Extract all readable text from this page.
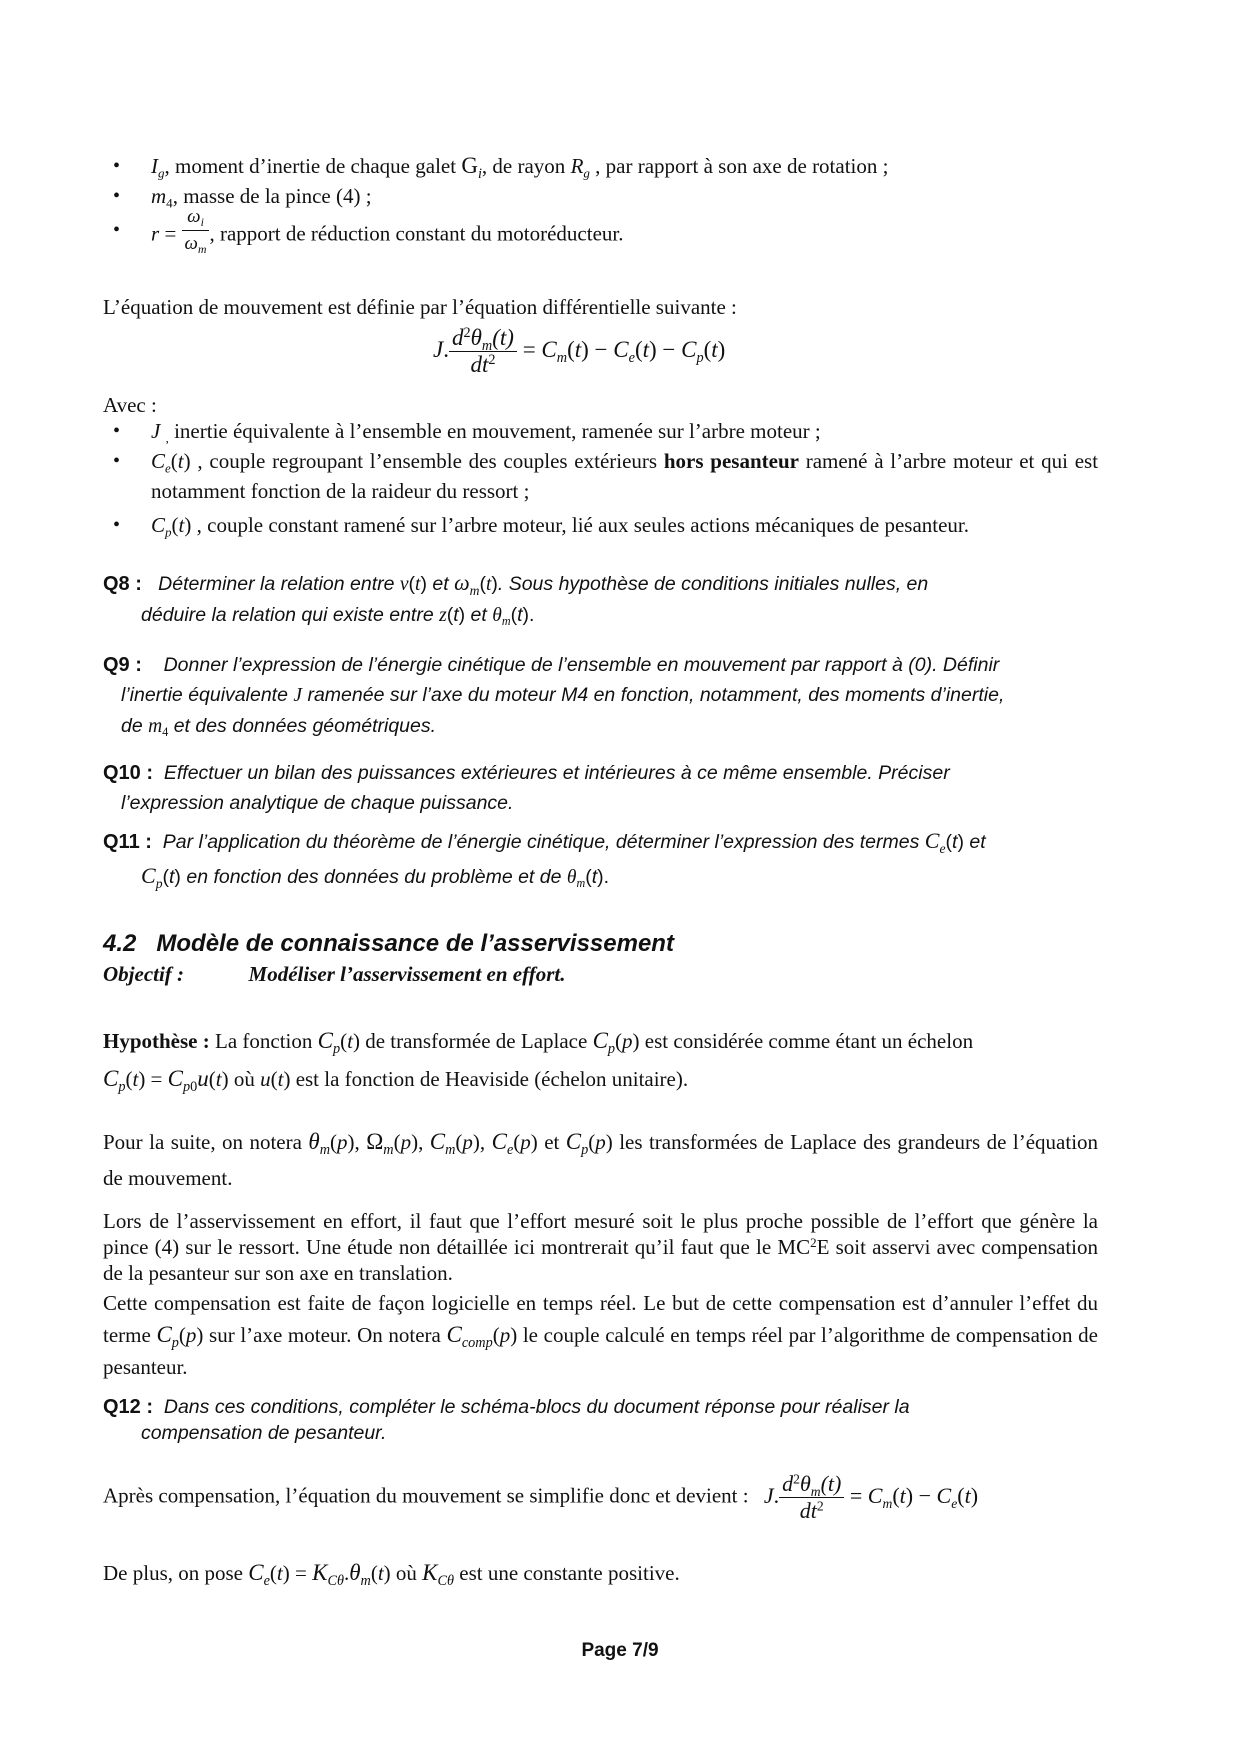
• $I_g$, moment d’inertie de chaque galet $G_i$, de rayon $R_g$ , par rapport à son axe de rotation ;
• $m_4$, masse de la pince (4) ;
• $r = \frac{\omega_i}{\omega_m}$ , rapport de réduction constant du motoréducteur.
L’équation de mouvement est définie par l’équation différentielle suivante :
J. $\frac{d^2\theta_m(t)}{dt^2} = C_m(t) - C_e(t) - C_p(t)$
Avec :
• J $_,$ inertie équivalente à l’ensemble en mouvement, ramenée sur l’arbre moteur ;
• $C_e(t)$ , couple regroupant l’ensemble des couples extérieurs hors pesanteur ramené à l’arbre moteur et qui est notamment fonction de la raideur du ressort ;
• $C_p(t)$ , couple constant ramené sur l’arbre moteur, lié aux seules actions mécaniques de pesanteur.
Q8 : Déterminer la relation entre v(t) et $\omega_m(t)$. Sous hypothèse de conditions initiales nulles, en
déduire la relation qui existe entre z(t) et $\theta_m(t)$.
Q9 : Donner l’expression de l’énergie cinétique de l’ensemble en mouvement par rapport à (0). Définir
l’inertie équivalente J ramenée sur l’axe du moteur M4 en fonction, notamment, des moments d’inertie,
de $m_4$ et des données géométriques.
Q10 : Effectuer un bilan des puissances extérieures et intérieures à ce même ensemble. Préciser
l’expression analytique de chaque puissance.
Q11 : Par l’application du théorème de l’énergie cinétique, déterminer l’expression des termes $C_e(t)$ et
$C_p(t)$ en fonction des données du problème et de $\theta_m(t)$.
4.2 Modèle de connaissance de l’asservissement
Objectif :	Modéliser l’asservissement en effort.
Hypothèse : La fonction $C_p(t)$ de transformée de Laplace $C_p(p)$ est considérée comme étant un échelon
$C_p(t) = C_{p0}u(t)$ où u(t) est la fonction de Heaviside (échelon unitaire).
Pour la suite, on notera $\theta_m(p)$, $\Omega_m(p)$, $C_m(p)$, $C_e(p)$ et $C_p(p)$ les transformées de Laplace des grandeurs de l’équation de mouvement.
Lors de l’asservissement en effort, il faut que l’effort mesuré soit le plus proche possible de l’effort que génère la pince (4) sur le ressort. Une étude non détaillée ici montrerait qu’il faut que le $MC^2E$ soit asservi avec compensation de la pesanteur sur son axe en translation.
Cette compensation est faite de façon logicielle en temps réel. Le but de cette compensation est d’annuler l’effet du terme $C_p(p)$ sur l’axe moteur. On notera $C_{comp}(p)$ le couple calculé en temps réel par l’algorithme de compensation de pesanteur.
Q12 : Dans ces conditions, compléter le schéma-blocs du document réponse pour réaliser la
compensation de pesanteur.
Après compensation, l’équation du mouvement se simplifie donc et devient : J. $\frac{d^2\theta_m(t)}{dt^2} = C_m(t) - C_e(t)$
De plus, on pose $C_e(t) = K_{C\theta}.\theta_m(t)$ où $K_{C\theta}$ est une constante positive.
Page 7/9
